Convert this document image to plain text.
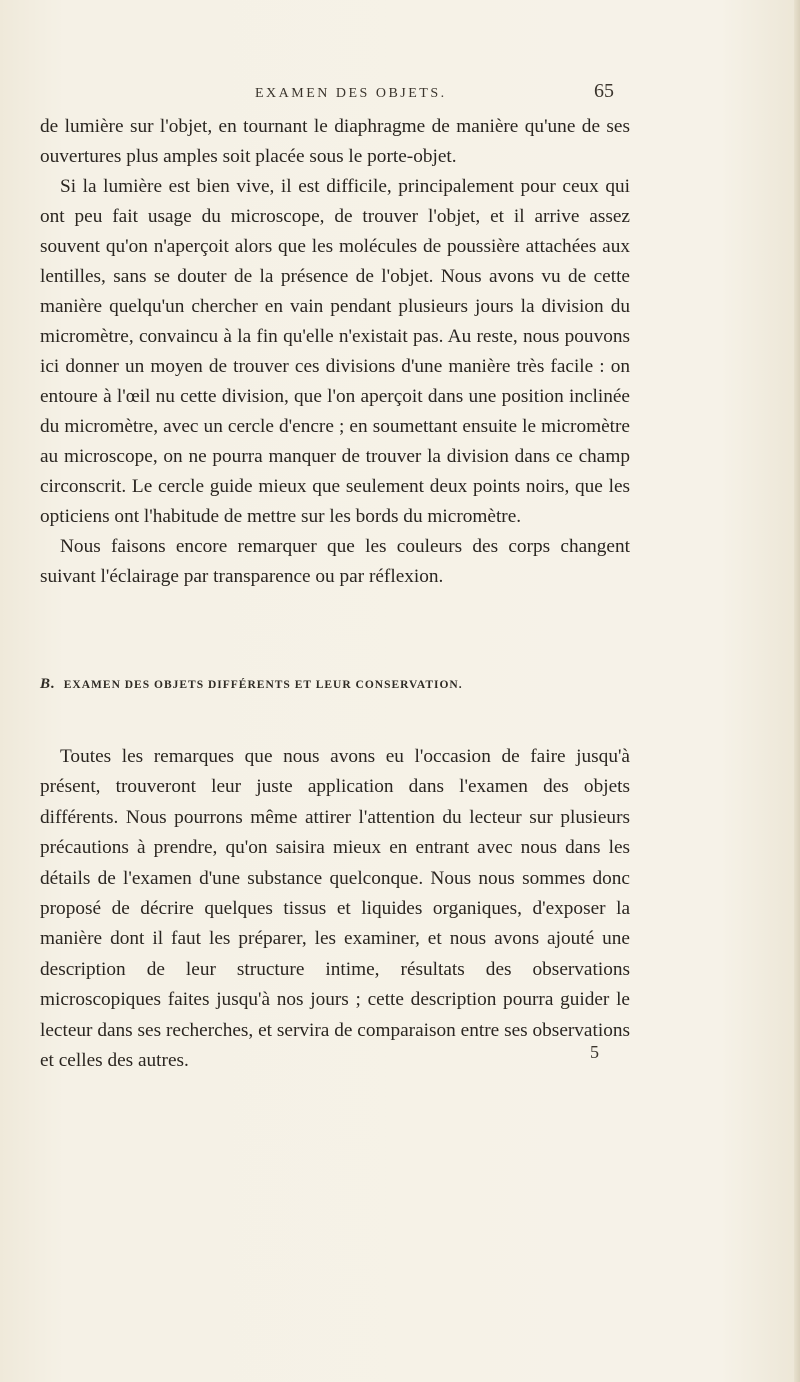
EXAMEN DES OBJETS.	65

de lumière sur l'objet, en tournant le diaphragme de manière qu'une de ses ouvertures plus amples soit placée sous le porte-objet.

Si la lumière est bien vive, il est difficile, principalement pour ceux qui ont peu fait usage du microscope, de trouver l'objet, et il arrive assez souvent qu'on n'aperçoit alors que les molécules de poussière attachées aux lentilles, sans se douter de la présence de l'objet. Nous avons vu de cette manière quelqu'un chercher en vain pendant plusieurs jours la division du micromètre, convaincu à la fin qu'elle n'existait pas. Au reste, nous pouvons ici donner un moyen de trouver ces divisions d'une manière très facile : on entoure à l'œil nu cette division, que l'on aperçoit dans une position inclinée du micromètre, avec un cercle d'encre ; en soumettant ensuite le micromètre au microscope, on ne pourra manquer de trouver la division dans ce champ circonscrit. Le cercle guide mieux que seulement deux points noirs, que les opticiens ont l'habitude de mettre sur les bords du micromètre.

Nous faisons encore remarquer que les couleurs des corps changent suivant l'éclairage par transparence ou par réflexion.

B. EXAMEN DES OBJETS DIFFÉRENTS ET LEUR CONSERVATION.

Toutes les remarques que nous avons eu l'occasion de faire jusqu'à présent, trouveront leur juste application dans l'examen des objets différents. Nous pourrons même attirer l'attention du lecteur sur plusieurs précautions à prendre, qu'on saisira mieux en entrant avec nous dans les détails de l'examen d'une substance quelconque. Nous nous sommes donc proposé de décrire quelques tissus et liquides organiques, d'exposer la manière dont il faut les préparer, les examiner, et nous avons ajouté une description de leur structure intime, résultats des observations microscopiques faites jusqu'à nos jours ; cette description pourra guider le lecteur dans ses recherches, et servira de comparaison entre ses observations et celles des autres.	5
